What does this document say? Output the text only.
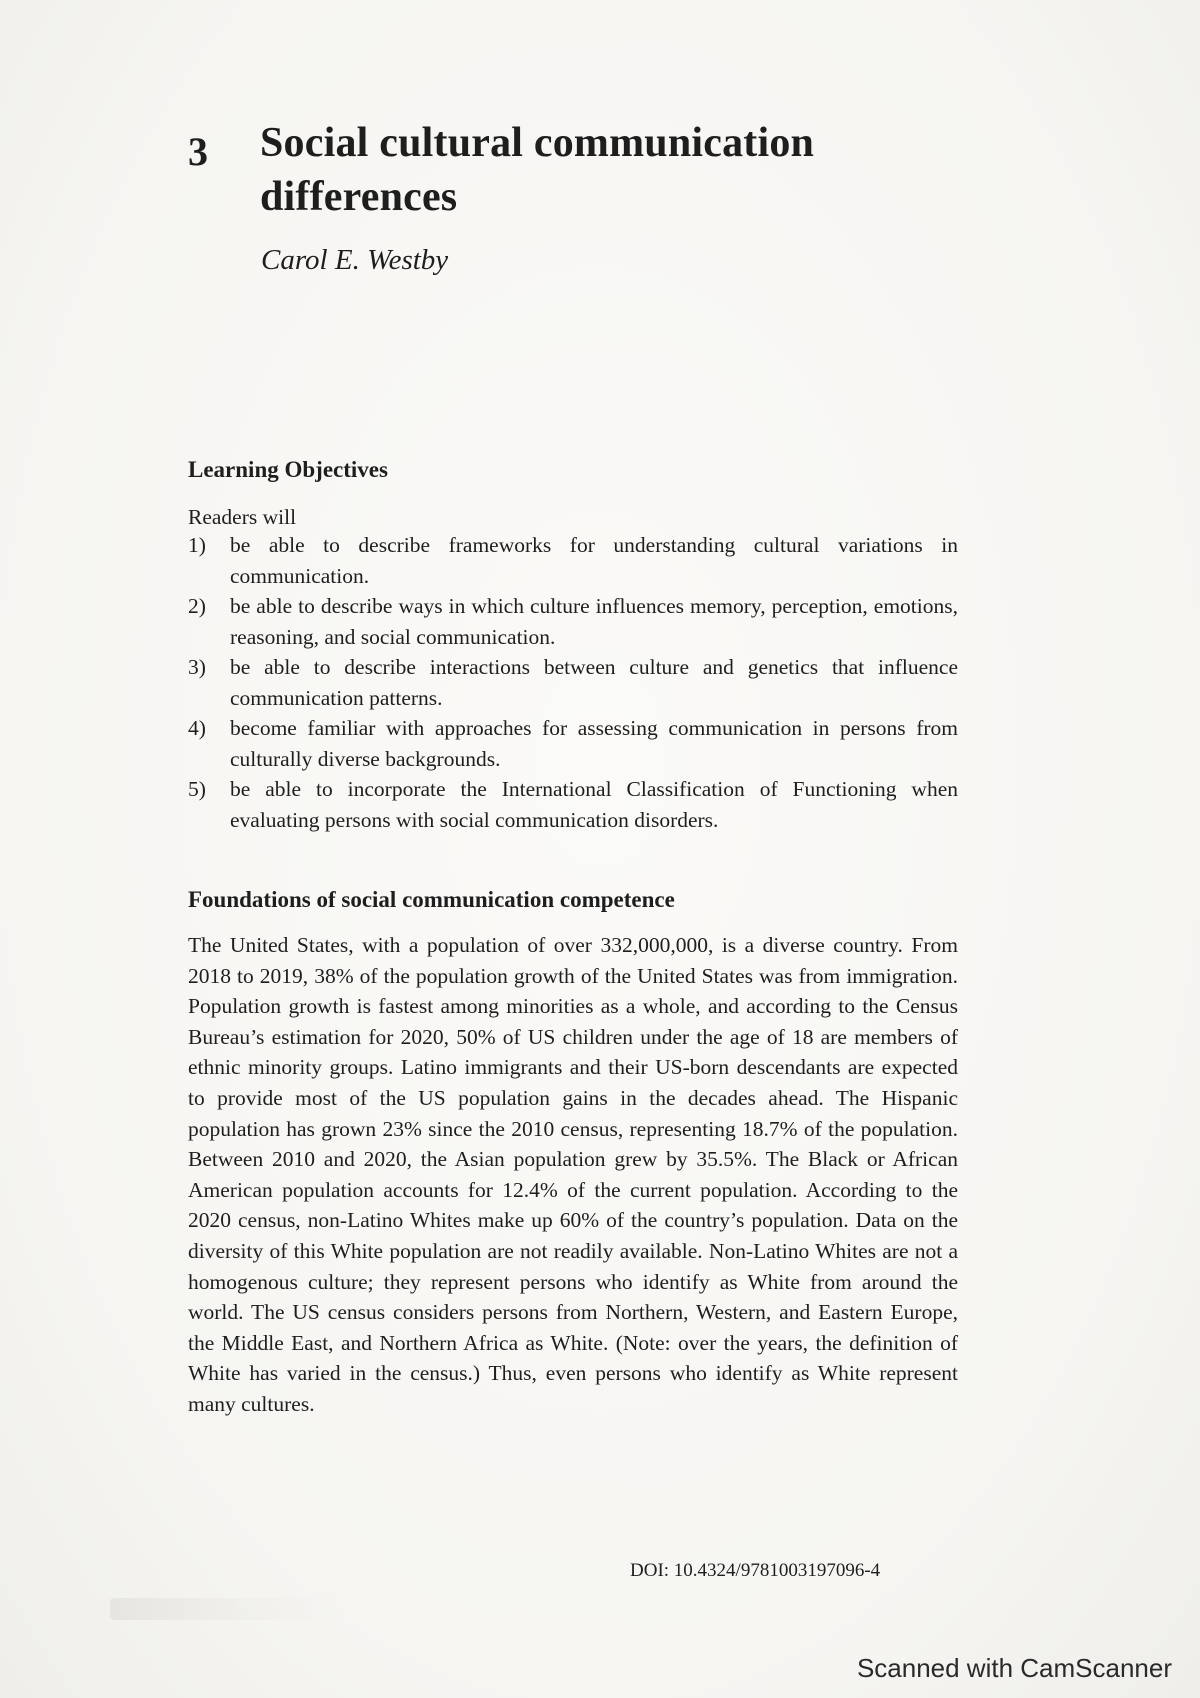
3 Social cultural communication differences
Carol E. Westby
Learning Objectives
Readers will
1) be able to describe frameworks for understanding cultural variations in communication.
2) be able to describe ways in which culture influences memory, perception, emotions, reasoning, and social communication.
3) be able to describe interactions between culture and genetics that influence communication patterns.
4) become familiar with approaches for assessing communication in persons from culturally diverse backgrounds.
5) be able to incorporate the International Classification of Functioning when evaluating persons with social communication disorders.
Foundations of social communication competence

The United States, with a population of over 332,000,000, is a diverse country. From 2018 to 2019, 38% of the population growth of the United States was from immigration. Population growth is fastest among minorities as a whole, and according to the Census Bureau’s estimation for 2020, 50% of US children under the age of 18 are members of ethnic minority groups. Latino immigrants and their US-born descendants are expected to provide most of the US population gains in the decades ahead. The Hispanic population has grown 23% since the 2010 census, representing 18.7% of the population. Between 2010 and 2020, the Asian population grew by 35.5%. The Black or African American population accounts for 12.4% of the current population. According to the 2020 census, non-Latino Whites make up 60% of the country’s population. Data on the diversity of this White population are not readily available. Non-Latino Whites are not a homogenous culture; they represent persons who identify as White from around the world. The US census considers persons from Northern, Western, and Eastern Europe, the Middle East, and Northern Africa as White. (Note: over the years, the definition of White has varied in the census.) Thus, even persons who identify as White represent many cultures.

DOI: 10.4324/9781003197096-4
Scanned with CamScanner
